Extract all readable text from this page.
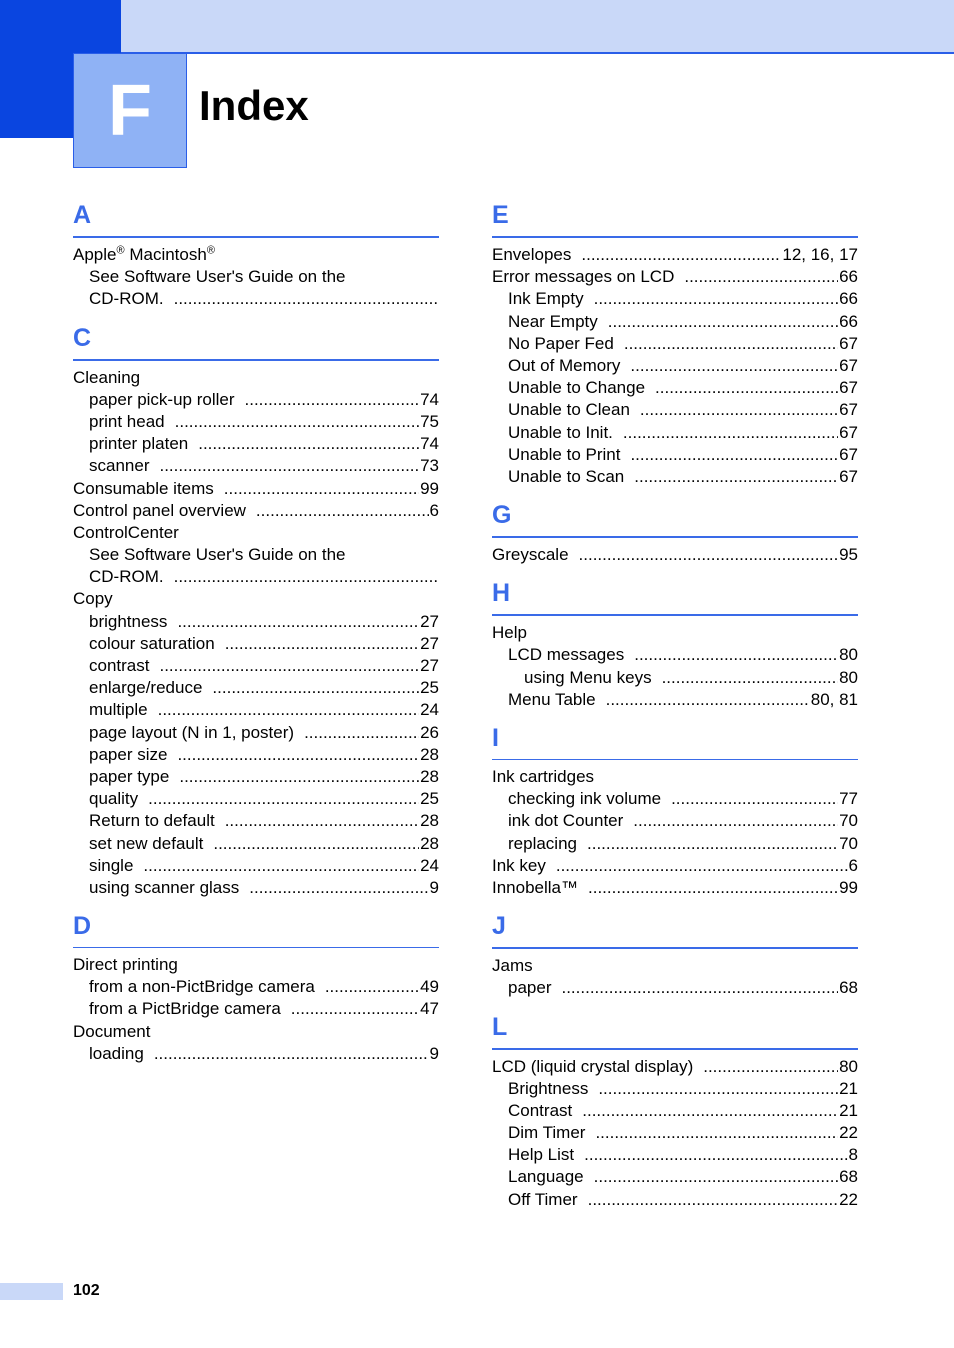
F Index
A
Apple® Macintosh®
See Software User's Guide on the
CD-ROM.
.....
C
Cleaning
paper pick-up roller .....	74
print head .....	75
printer platen .....	74
scanner .....	73
Consumable items .....	99
Control panel overview .....	6
ControlCenter
See Software User's Guide on the
CD-ROM.
.....
Copy
brightness .....	27
colour saturation .....	27
contrast .....	27
enlarge/reduce .....	25
multiple .....	24
page layout (N in 1, poster) .....	26
paper size .....	28
paper type .....	28
quality .....	25
Return to default .....	28
set new default .....	28
single .....	24
using scanner glass .....	9
D
Direct printing
from a non-PictBridge camera .....	49
from a PictBridge camera .....	47
Document
loading .....	9
E
Envelopes .....	12, 16, 17
Error messages on LCD .....	66
Ink Empty .....	66
Near Empty .....	66
No Paper Fed .....	67
Out of Memory .....	67
Unable to Change .....	67
Unable to Clean .....	67
Unable to Init. .....	67
Unable to Print .....	67
Unable to Scan .....	67
G
Greyscale .....	95
H
Help
LCD messages .....	80
using Menu keys .....	80
Menu Table .....	80, 81
I
Ink cartridges
checking ink volume .....	77
ink dot Counter .....	70
replacing .....	70
Ink key .....	6
Innobella™ .....	99
J
Jams
paper .....	68
L
LCD (liquid crystal display) .....	80
Brightness .....	21
Contrast .....	21
Dim Timer .....	22
Help List .....	8
Language .....	68
Off Timer .....	22
102
